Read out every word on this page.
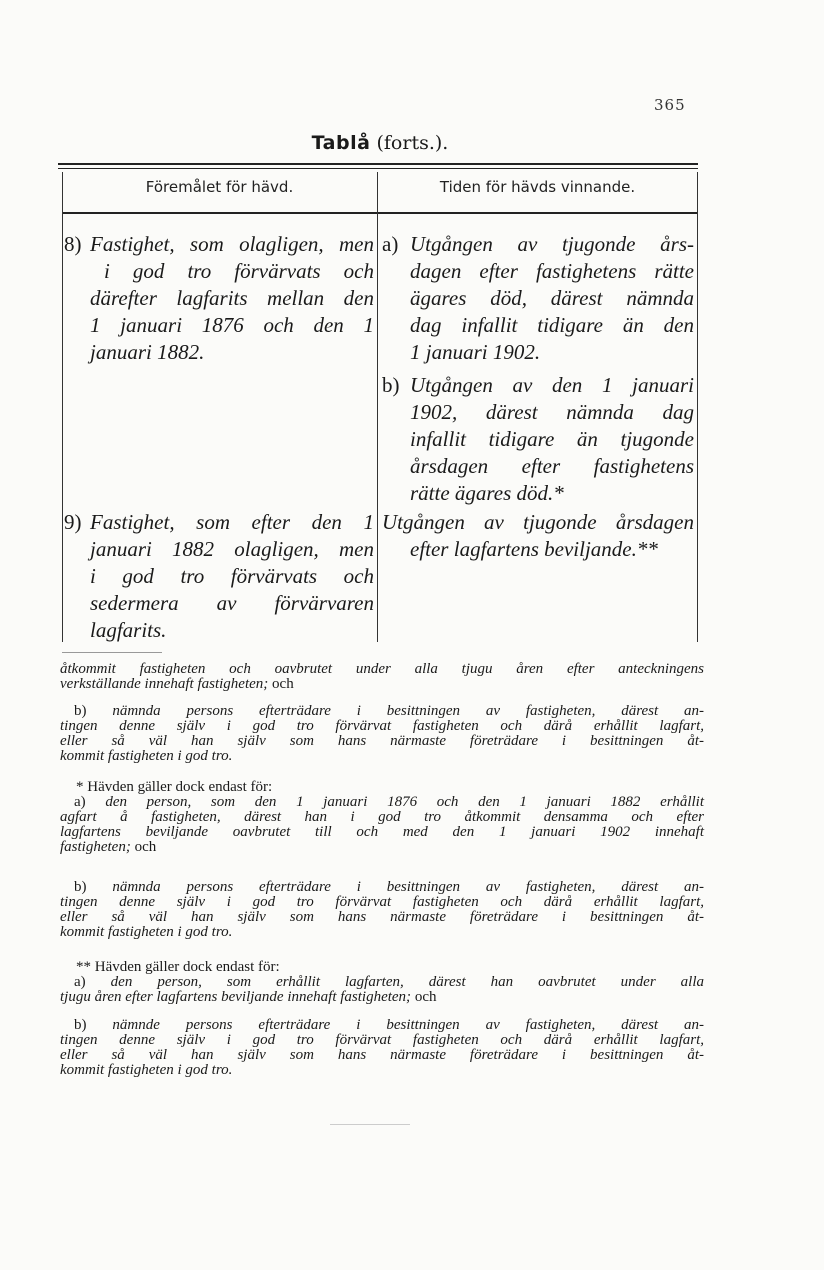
365
Tablå (forts.).
Föremålet för hävd.	Tiden för hävds vinnande.
8) Fastighet, som olagligen, men
i god tro förvärvats och
därefter lagfarits mellan den
1 januari 1876 och den 1
januari 1882.
a) Utgången av tjugonde års-
dagen efter fastighetens rätte
ägares död, därest nämnda
dag infallit tidigare än den
1 januari 1902.
b) Utgången av den 1 januari
1902, därest nämnda dag
infallit tidigare än tjugonde
årsdagen efter fastighetens
rätte ägares död.*
9) Fastighet, som efter den 1
januari 1882 olagligen, men
i god tro förvärvats och
sedermera av förvärvaren
lagfarits.
Utgången av tjugonde årsdagen
efter lagfartens beviljande.**
åtkommit fastigheten och oavbrutet under alla tjugu åren efter anteckningens
verkställande innehaft fastigheten; och
b) nämnda persons efterträdare i besittningen av fastigheten, därest an-
tingen denne själv i god tro förvärvat fastigheten och därå erhållit lagfart,
eller så väl han själv som hans närmaste företrädare i besittningen åt-
kommit fastigheten i god tro.
* Hävden gäller dock endast för:
a) den person, som den 1 januari 1876 och den 1 januari 1882 erhållit
agfart å fastigheten, därest han i god tro åtkommit densamma och efter
lagfartens beviljande oavbrutet till och med den 1 januari 1902 innehaft
fastigheten; och
b) nämnda persons efterträdare i besittningen av fastigheten, därest an-
tingen denne själv i god tro förvärvat fastigheten och därå erhållit lagfart,
eller så väl han själv som hans närmaste företrädare i besittningen åt-
kommit fastigheten i god tro.
** Hävden gäller dock endast för:
a) den person, som erhållit lagfarten, därest han oavbrutet under alla
tjugu åren efter lagfartens beviljande innehaft fastigheten; och
b) nämnde persons efterträdare i besittningen av fastigheten, därest an-
tingen denne själv i god tro förvärvat fastigheten och därå erhållit lagfart,
eller så väl han själv som hans närmaste företrädare i besittningen åt-
kommit fastigheten i god tro.
